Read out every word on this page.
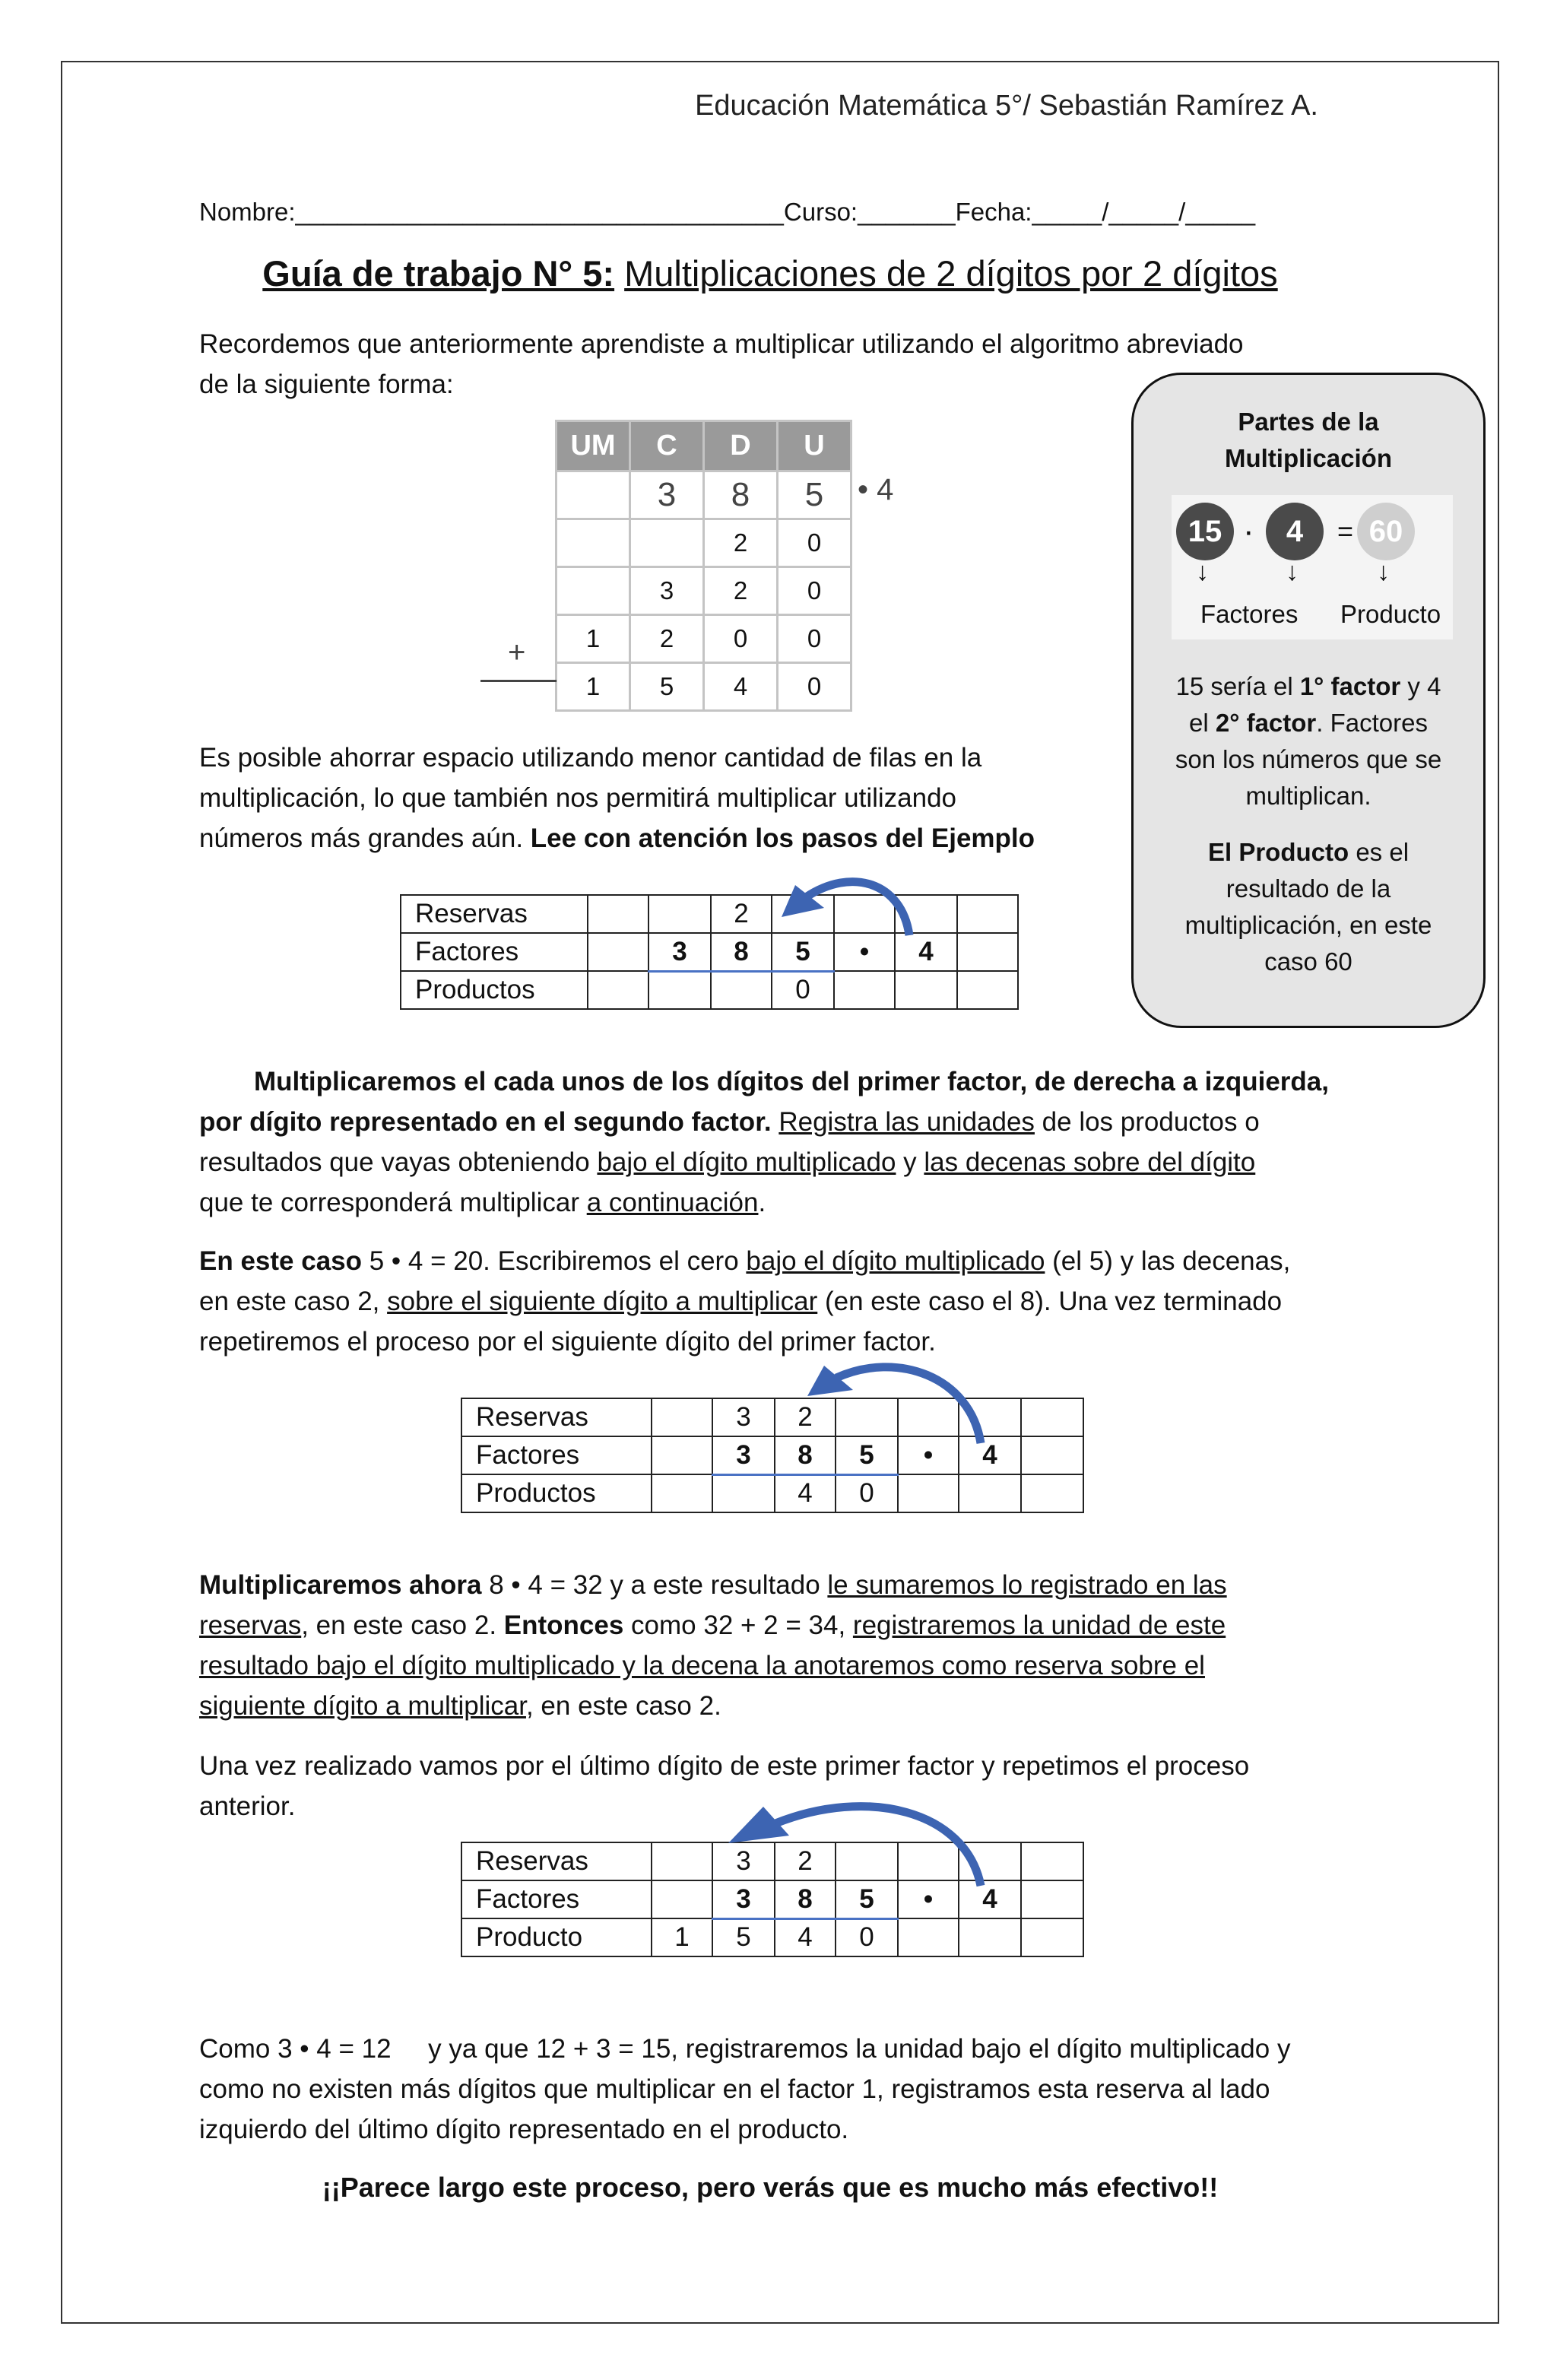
Educación Matemática 5°/ Sebastián Ramírez A.
Nombre:___________________________________Curso:_______Fecha:_____/_____/_____
Guía de trabajo N° 5: Multiplicaciones de 2 dígitos por 2 dígitos
Recordemos que anteriormente aprendiste a multiplicar utilizando el algoritmo abreviado
de la siguiente forma:
UM	C	D	U
	3	8	5
		2	0
	3	2	0
1	2	0	0
1	5	4	0
• 4
+
Es posible ahorrar espacio utilizando menor cantidad de filas en la
multiplicación, lo que también nos permitirá multiplicar utilizando
números más grandes aún. Lee con atención los pasos del Ejemplo
Reservas			2				
Factores		3	8	5	•	4	
Productos				0			
Multiplicaremos el cada unos de los dígitos del primer factor, de derecha a izquierda,
por dígito representado en el segundo factor. Registra las unidades de los productos o
resultados que vayas obteniendo bajo el dígito multiplicado y las decenas sobre del dígito
que te corresponderá multiplicar a continuación.
En este caso 5 • 4 = 20. Escribiremos el cero bajo el dígito multiplicado (el 5) y las decenas,
en este caso 2, sobre el siguiente dígito a multiplicar (en este caso el 8). Una vez terminado
repetiremos el proceso por el siguiente dígito del primer factor.
Reservas		3	2				
Factores		3	8	5	•	4	
Productos			4	0			
Multiplicaremos ahora 8 • 4 = 32 y a este resultado le sumaremos lo registrado en las
reservas, en este caso 2. Entonces como 32 + 2 = 34, registraremos la unidad de este
resultado bajo el dígito multiplicado y la decena la anotaremos como reserva sobre el
siguiente dígito a multiplicar, en este caso 2.
Una vez realizado vamos por el último dígito de este primer factor y repetimos el proceso
anterior.
Reservas		3	2				
Factores		3	8	5	•	4	
Producto	1	5	4	0			
Como 3 • 4 = 12     y ya que 12 + 3 = 15, registraremos la unidad bajo el dígito multiplicado y
como no existen más dígitos que multiplicar en el factor 1, registramos esta reserva al lado
izquierdo del último dígito representado en el producto.
¡¡Parece largo este proceso, pero verás que es mucho más efectivo!!
Partes de la
Multiplicación
15 ·	4	= 60
↓	↓	↓
Factores Producto
15 sería el 1° factor y 4
el 2° factor. Factores
son los números que se
multiplican.
El Producto es el
resultado de la
multiplicación, en este
caso 60
